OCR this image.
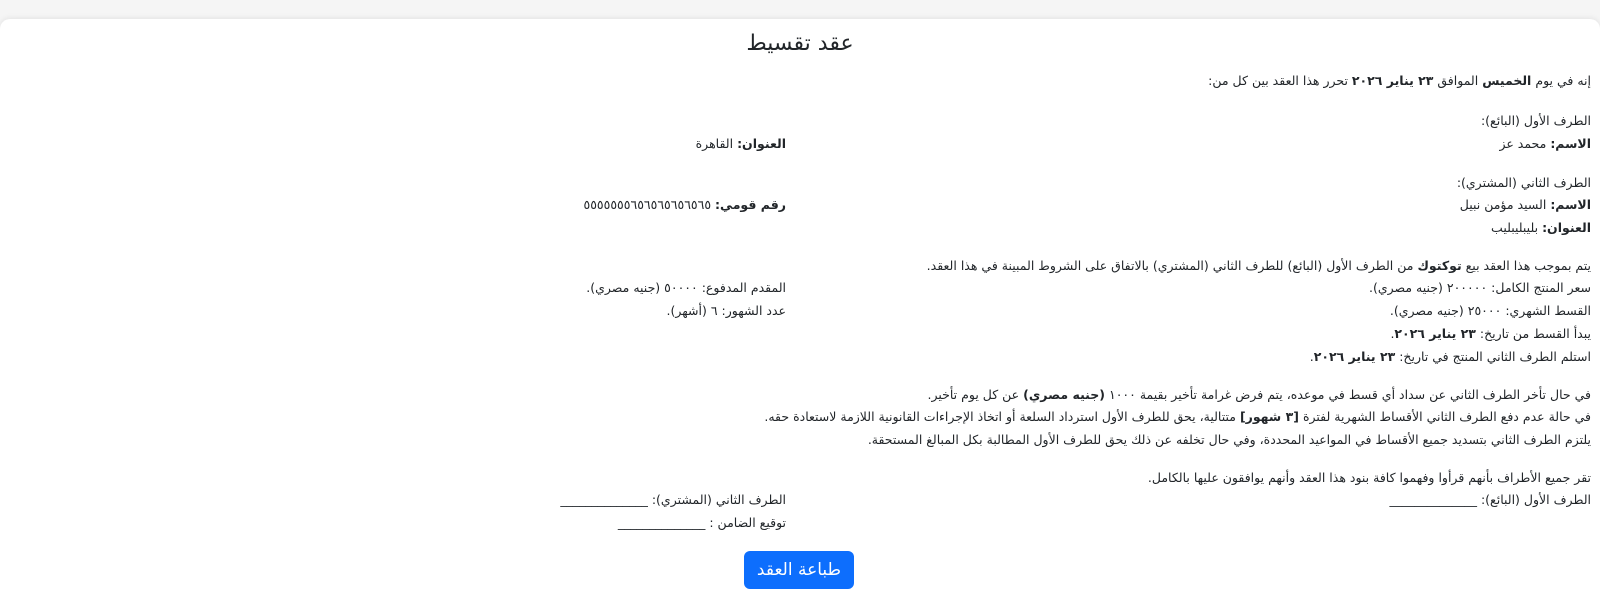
عقد تقسيط
إنه في يوم الخميس الموافق ٢٣ يناير ٢٠٢٦ تحرر هذا العقد بين كل من:
الطرف الأول (البائع):
الاسم: محمد عز
العنوان: القاهرة
الطرف الثاني (المشتري):
الاسم: السيد مؤمن نبيل
رقم قومي: ٥٥٥٥٥٥٥٦٥٦٥٦٥٦٥٦٥٦٥
العنوان: بليبليبليب
يتم بموجب هذا العقد بيع توكتوك من الطرف الأول (البائع) للطرف الثاني (المشتري) بالاتفاق على الشروط المبينة في هذا العقد.
سعر المنتج الكامل: ٢٠٠٠٠٠ (جنيه مصري).
المقدم المدفوع: ٥٠٠٠٠ (جنيه مصري).
القسط الشهري: ٢٥٠٠٠ (جنيه مصري).
عدد الشهور: ٦ (أشهر).
يبدأ القسط من تاريخ: ٢٣ يناير ٢٠٢٦.
استلم الطرف الثاني المنتج في تاريخ: ٢٣ يناير ٢٠٢٦.
في حال تأخر الطرف الثاني عن سداد أي قسط في موعده، يتم فرض غرامة تأخير بقيمة ١٠٠٠ (جنيه مصري) عن كل يوم تأخير.
في حالة عدم دفع الطرف الثاني الأقساط الشهرية لفترة [٣ شهور] متتالية، يحق للطرف الأول استرداد السلعة أو اتخاذ الإجراءات القانونية اللازمة لاستعادة حقه.
يلتزم الطرف الثاني بتسديد جميع الأقساط في المواعيد المحددة، وفي حال تخلفه عن ذلك يحق للطرف الأول المطالبة بكل المبالغ المستحقة.
تقر جميع الأطراف بأنهم قرأوا وفهموا كافة بنود هذا العقد وأنهم يوافقون عليها بالكامل.
الطرف الأول (البائع): ______________
الطرف الثاني (المشتري): ______________
توقيع الضامن : ______________
طباعة العقد
